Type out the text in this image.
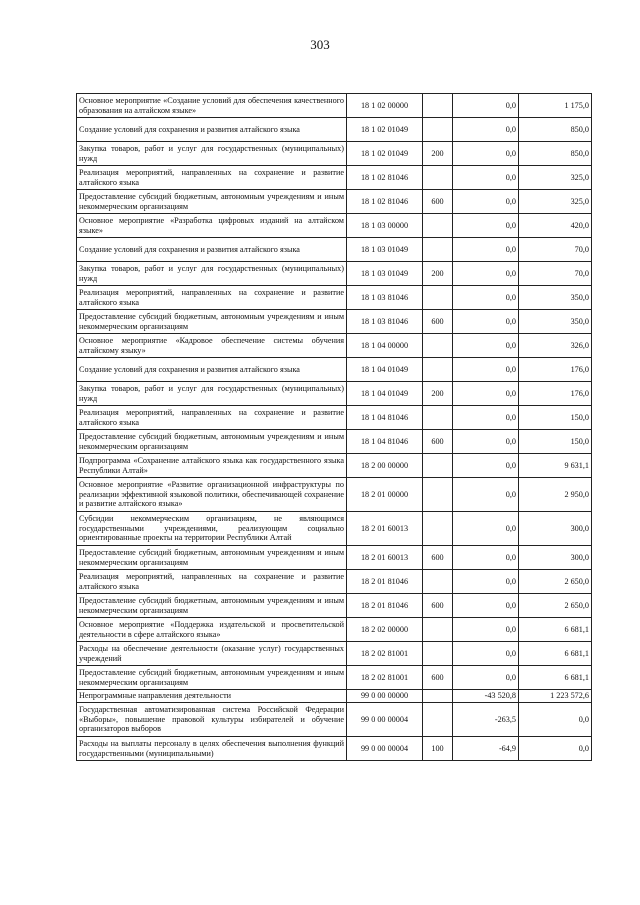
303
Основное мероприятие «Создание условий для обеспечения качественного образования на алтайском языке»	18 1 02 00000		0,0	1 175,0
Создание условий для сохранения и развития алтайского языка	18 1 02 01049		0,0	850,0
Закупка товаров, работ и услуг для государственных (муниципальных) нужд	18 1 02 01049	200	0,0	850,0
Реализация мероприятий, направленных на сохранение и развитие алтайского языка	18 1 02 81046		0,0	325,0
Предоставление субсидий бюджетным, автономным учреждениям и иным некоммерческим организациям	18 1 02 81046	600	0,0	325,0
Основное мероприятие «Разработка цифровых изданий на алтайском языке»	18 1 03 00000		0,0	420,0
Создание условий для сохранения и развития алтайского языка	18 1 03 01049		0,0	70,0
Закупка товаров, работ и услуг для государственных (муниципальных) нужд	18 1 03 01049	200	0,0	70,0
Реализация мероприятий, направленных на сохранение и развитие алтайского языка	18 1 03 81046		0,0	350,0
Предоставление субсидий бюджетным, автономным учреждениям и иным некоммерческим организациям	18 1 03 81046	600	0,0	350,0
Основное мероприятие «Кадровое обеспечение системы обучения алтайскому языку»	18 1 04 00000		0,0	326,0
Создание условий для сохранения и развития алтайского языка	18 1 04 01049		0,0	176,0
Закупка товаров, работ и услуг для государственных (муниципальных) нужд	18 1 04 01049	200	0,0	176,0
Реализация мероприятий, направленных на сохранение и развитие алтайского языка	18 1 04 81046		0,0	150,0
Предоставление субсидий бюджетным, автономным учреждениям и иным некоммерческим организациям	18 1 04 81046	600	0,0	150,0
Подпрограмма «Сохранение алтайского языка как государственного языка Республики Алтай»	18 2 00 00000		0,0	9 631,1
Основное мероприятие «Развитие организационной инфраструктуры по реализации эффективной языковой политики, обеспечивающей сохранение и развитие алтайского языка»	18 2 01 00000		0,0	2 950,0
Субсидии некоммерческим организациям, не являющимся государственными учреждениями, реализующим социально ориентированные проекты на территории Республики Алтай	18 2 01 60013		0,0	300,0
Предоставление субсидий бюджетным, автономным учреждениям и иным некоммерческим организациям	18 2 01 60013	600	0,0	300,0
Реализация мероприятий, направленных на сохранение и развитие алтайского языка	18 2 01 81046		0,0	2 650,0
Предоставление субсидий бюджетным, автономным учреждениям и иным некоммерческим организациям	18 2 01 81046	600	0,0	2 650,0
Основное мероприятие «Поддержка издательской и просветительской деятельности в сфере алтайского языка»	18 2 02 00000		0,0	6 681,1
Расходы на обеспечение деятельности (оказание услуг) государственных учреждений	18 2 02 81001		0,0	6 681,1
Предоставление субсидий бюджетным, автономным учреждениям и иным некоммерческим организациям	18 2 02 81001	600	0,0	6 681,1
Непрограммные направления деятельности	99 0 00 00000		-43 520,8	1 223 572,6
Государственная автоматизированная система Российской Федерации «Выборы», повышение правовой культуры избирателей и обучение организаторов выборов	99 0 00 00004		-263,5	0,0
Расходы на выплаты персоналу в целях обеспечения выполнения функций государственными (муниципальными)	99 0 00 00004	100	-64,9	0,0
